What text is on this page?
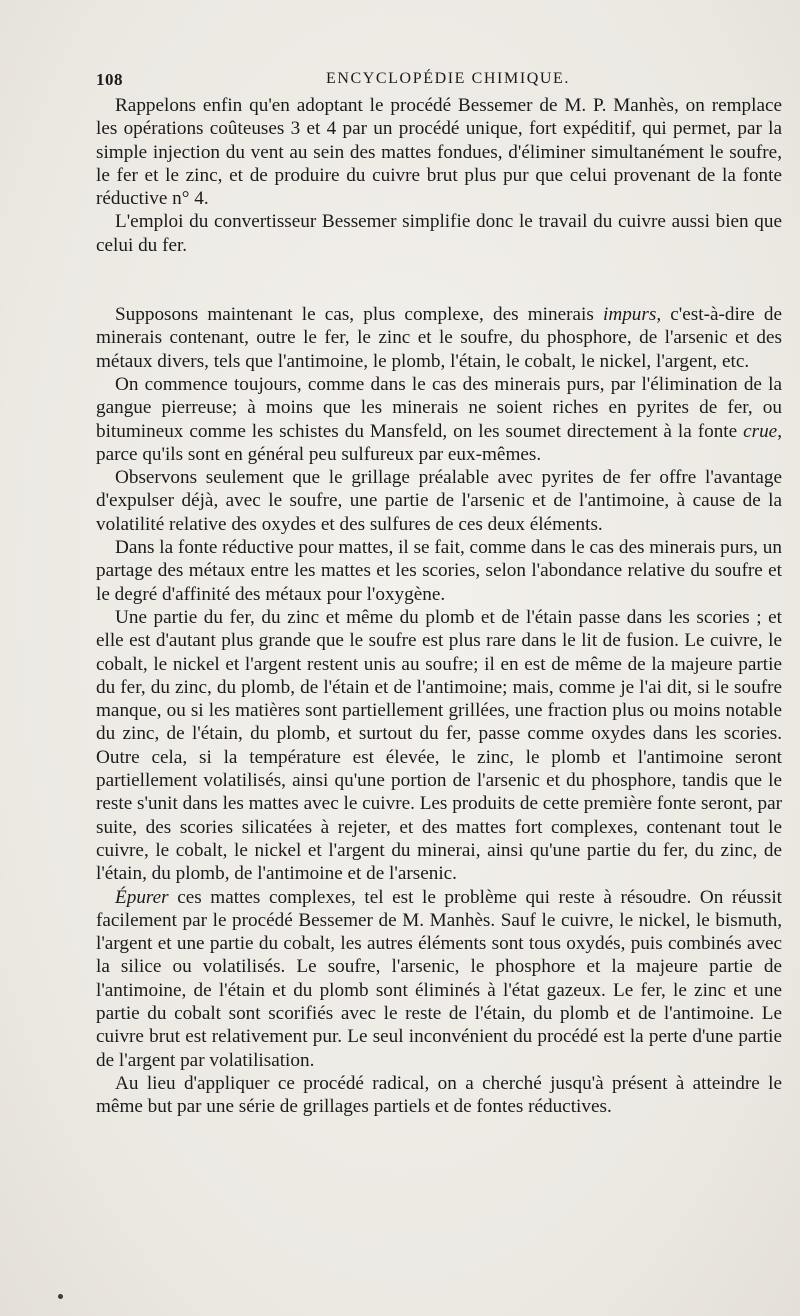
108	ENCYCLOPÉDIE CHIMIQUE.

Rappelons enfin qu'en adoptant le procédé Bessemer de M. P. Manhès, on remplace les opérations coûteuses 3 et 4 par un procédé unique, fort expéditif, qui permet, par la simple injection du vent au sein des mattes fondues, d'éliminer simultanément le soufre, le fer et le zinc, et de produire du cuivre brut plus pur que celui provenant de la fonte réductive n° 4.

L'emploi du convertisseur Bessemer simplifie donc le travail du cuivre aussi bien que celui du fer.

Supposons maintenant le cas, plus complexe, des minerais impurs, c'est-à-dire de minerais contenant, outre le fer, le zinc et le soufre, du phosphore, de l'arsenic et des métaux divers, tels que l'antimoine, le plomb, l'étain, le cobalt, le nickel, l'argent, etc.

On commence toujours, comme dans le cas des minerais purs, par l'élimination de la gangue pierreuse; à moins que les minerais ne soient riches en pyrites de fer, ou bitumineux comme les schistes du Mansfeld, on les soumet directement à la fonte crue, parce qu'ils sont en général peu sulfureux par eux-mêmes.

Observons seulement que le grillage préalable avec pyrites de fer offre l'avantage d'expulser déjà, avec le soufre, une partie de l'arsenic et de l'antimoine, à cause de la volatilité relative des oxydes et des sulfures de ces deux éléments.

Dans la fonte réductive pour mattes, il se fait, comme dans le cas des minerais purs, un partage des métaux entre les mattes et les scories, selon l'abondance relative du soufre et le degré d'affinité des métaux pour l'oxygène.

Une partie du fer, du zinc et même du plomb et de l'étain passe dans les scories ; et elle est d'autant plus grande que le soufre est plus rare dans le lit de fusion. Le cuivre, le cobalt, le nickel et l'argent restent unis au soufre; il en est de même de la majeure partie du fer, du zinc, du plomb, de l'étain et de l'antimoine; mais, comme je l'ai dit, si le soufre manque, ou si les matières sont partiellement grillées, une fraction plus ou moins notable du zinc, de l'étain, du plomb, et surtout du fer, passe comme oxydes dans les scories. Outre cela, si la température est élevée, le zinc, le plomb et l'antimoine seront partiellement volatilisés, ainsi qu'une portion de l'arsenic et du phosphore, tandis que le reste s'unit dans les mattes avec le cuivre. Les produits de cette première fonte seront, par suite, des scories silicatées à rejeter, et des mattes fort complexes, contenant tout le cuivre, le cobalt, le nickel et l'argent du minerai, ainsi qu'une partie du fer, du zinc, de l'étain, du plomb, de l'antimoine et de l'arsenic.

Épurer ces mattes complexes, tel est le problème qui reste à résoudre. On réussit facilement par le procédé Bessemer de M. Manhès. Sauf le cuivre, le nickel, le bismuth, l'argent et une partie du cobalt, les autres éléments sont tous oxydés, puis combinés avec la silice ou volatilisés. Le soufre, l'arsenic, le phosphore et la majeure partie de l'antimoine, de l'étain et du plomb sont éliminés à l'état gazeux. Le fer, le zinc et une partie du cobalt sont scorifiés avec le reste de l'étain, du plomb et de l'antimoine. Le cuivre brut est relativement pur. Le seul inconvénient du procédé est la perte d'une partie de l'argent par volatilisation.

Au lieu d'appliquer ce procédé radical, on a cherché jusqu'à présent à atteindre le même but par une série de grillages partiels et de fontes réductives.
